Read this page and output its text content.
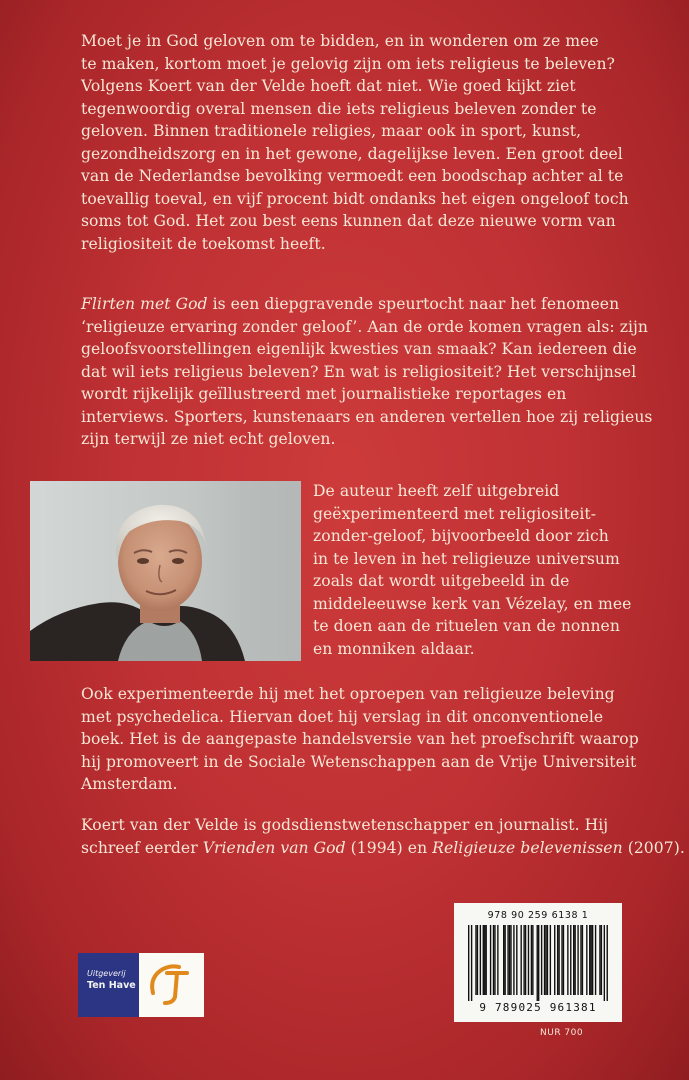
Moet je in God geloven om te bidden, en in wonderen om ze mee
te maken, kortom moet je gelovig zijn om iets religieus te beleven?
Volgens Koert van der Velde hoeft dat niet. Wie goed kijkt ziet
tegenwoordig overal mensen die iets religieus beleven zonder te
geloven. Binnen traditionele religies, maar ook in sport, kunst,
gezondheidszorg en in het gewone, dagelijkse leven. Een groot deel
van de Nederlandse bevolking vermoedt een boodschap achter al te
toevallig toeval, en vijf procent bidt ondanks het eigen ongeloof toch
soms tot God. Het zou best eens kunnen dat deze nieuwe vorm van
religiositeit de toekomst heeft.
Flirten met God is een diepgravende speurtocht naar het fenomeen
‘religieuze ervaring zonder geloof’. Aan de orde komen vragen als: zijn
geloofsvoorstellingen eigenlijk kwesties van smaak? Kan iedereen die
dat wil iets religieus beleven? En wat is religiositeit? Het verschijnsel
wordt rijkelijk geïllustreerd met journalistieke reportages en
interviews. Sporters, kunstenaars en anderen vertellen hoe zij religieus
zijn terwijl ze niet echt geloven.
De auteur heeft zelf uitgebreid
geëxperimenteerd met religiositeit-
zonder-geloof, bijvoorbeeld door zich
in te leven in het religieuze universum
zoals dat wordt uitgebeeld in de
middeleeuwse kerk van Vézelay, en mee
te doen aan de rituelen van de nonnen
en monniken aldaar.
Ook experimenteerde hij met het oproepen van religieuze beleving
met psychedelica. Hiervan doet hij verslag in dit onconventionele
boek. Het is de aangepaste handelsversie van het proefschrift waarop
hij promoveert in de Sociale Wetenschappen aan de Vrije Universiteit
Amsterdam.
Koert van der Velde is godsdienstwetenschapper en journalist. Hij
schreef eerder Vrienden van God (1994) en Religieuze belevenissen (2007).
Uitgeverij
Ten Have
978 90 259 6138 1
9 789025 961381
NUR 700
